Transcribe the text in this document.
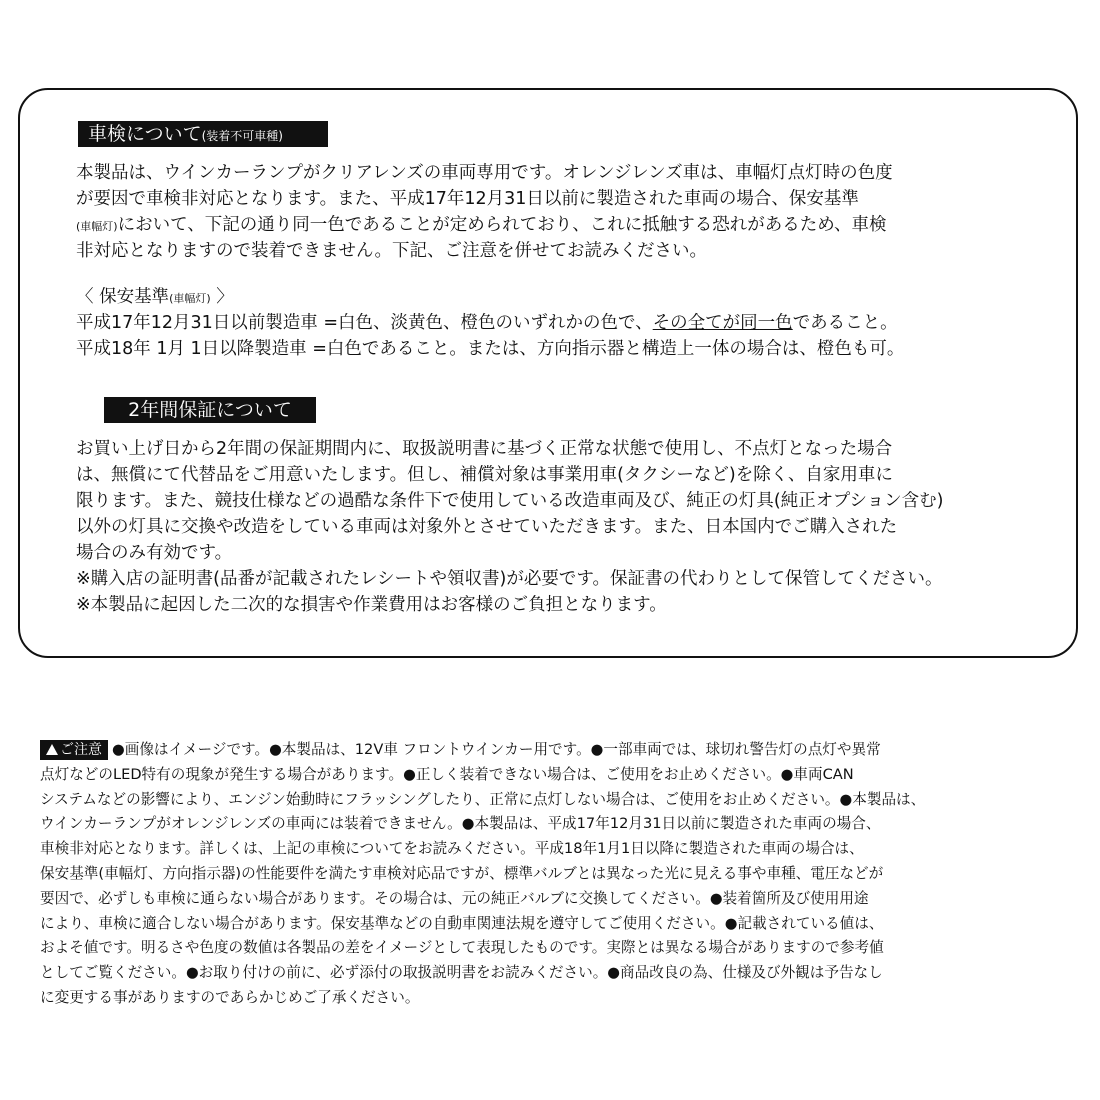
車検について(装着不可車種)
本製品は、ウインカーランプがクリアレンズの車両専用です。オレンジレンズ車は、車幅灯点灯時の色度
が要因で車検非対応となります。また、平成17年12月31日以前に製造された車両の場合、保安基準
(車幅灯)において、下記の通り同一色であることが定められており、これに抵触する恐れがあるため、車検
非対応となりますので装着できません。下記、ご注意を併せてお読みください。
〈 保安基準(車幅灯) 〉
平成17年12月31日以前製造車 =白色、淡黄色、橙色のいずれかの色で、その全てが同一色であること。
平成18年 1月 1日以降製造車 =白色であること。または、方向指示器と構造上一体の場合は、橙色も可。
2年間保証について
お買い上げ日から2年間の保証期間内に、取扱説明書に基づく正常な状態で使用し、不点灯となった場合
は、無償にて代替品をご用意いたします。但し、補償対象は事業用車(タクシーなど)を除く、自家用車に
限ります。また、競技仕様などの過酷な条件下で使用している改造車両及び、純正の灯具(純正オプション含む)
以外の灯具に交換や改造をしている車両は対象外とさせていただきます。また、日本国内でご購入された
場合のみ有効です。
※購入店の証明書(品番が記載されたレシートや領収書)が必要です。保証書の代わりとして保管してください。
※本製品に起因した二次的な損害や作業費用はお客様のご負担となります。
ご注意 ●画像はイメージです。●本製品は、12V車 フロントウインカー用です。●一部車両では、球切れ警告灯の点灯や異常
点灯などのLED特有の現象が発生する場合があります。●正しく装着できない場合は、ご使用をお止めください。●車両CAN
システムなどの影響により、エンジン始動時にフラッシングしたり、正常に点灯しない場合は、ご使用をお止めください。●本製品は、
ウインカーランプがオレンジレンズの車両には装着できません。●本製品は、平成17年12月31日以前に製造された車両の場合、
車検非対応となります。詳しくは、上記の車検についてをお読みください。平成18年1月1日以降に製造された車両の場合は、
保安基準(車幅灯、方向指示器)の性能要件を満たす車検対応品ですが、標準バルブとは異なった光に見える事や車種、電圧などが
要因で、必ずしも車検に通らない場合があります。その場合は、元の純正バルブに交換してください。●装着箇所及び使用用途
により、車検に適合しない場合があります。保安基準などの自動車関連法規を遵守してご使用ください。●記載されている値は、
およそ値です。明るさや色度の数値は各製品の差をイメージとして表現したものです。実際とは異なる場合がありますので参考値
としてご覧ください。●お取り付けの前に、必ず添付の取扱説明書をお読みください。●商品改良の為、仕様及び外観は予告なし
に変更する事がありますのであらかじめご了承ください。
